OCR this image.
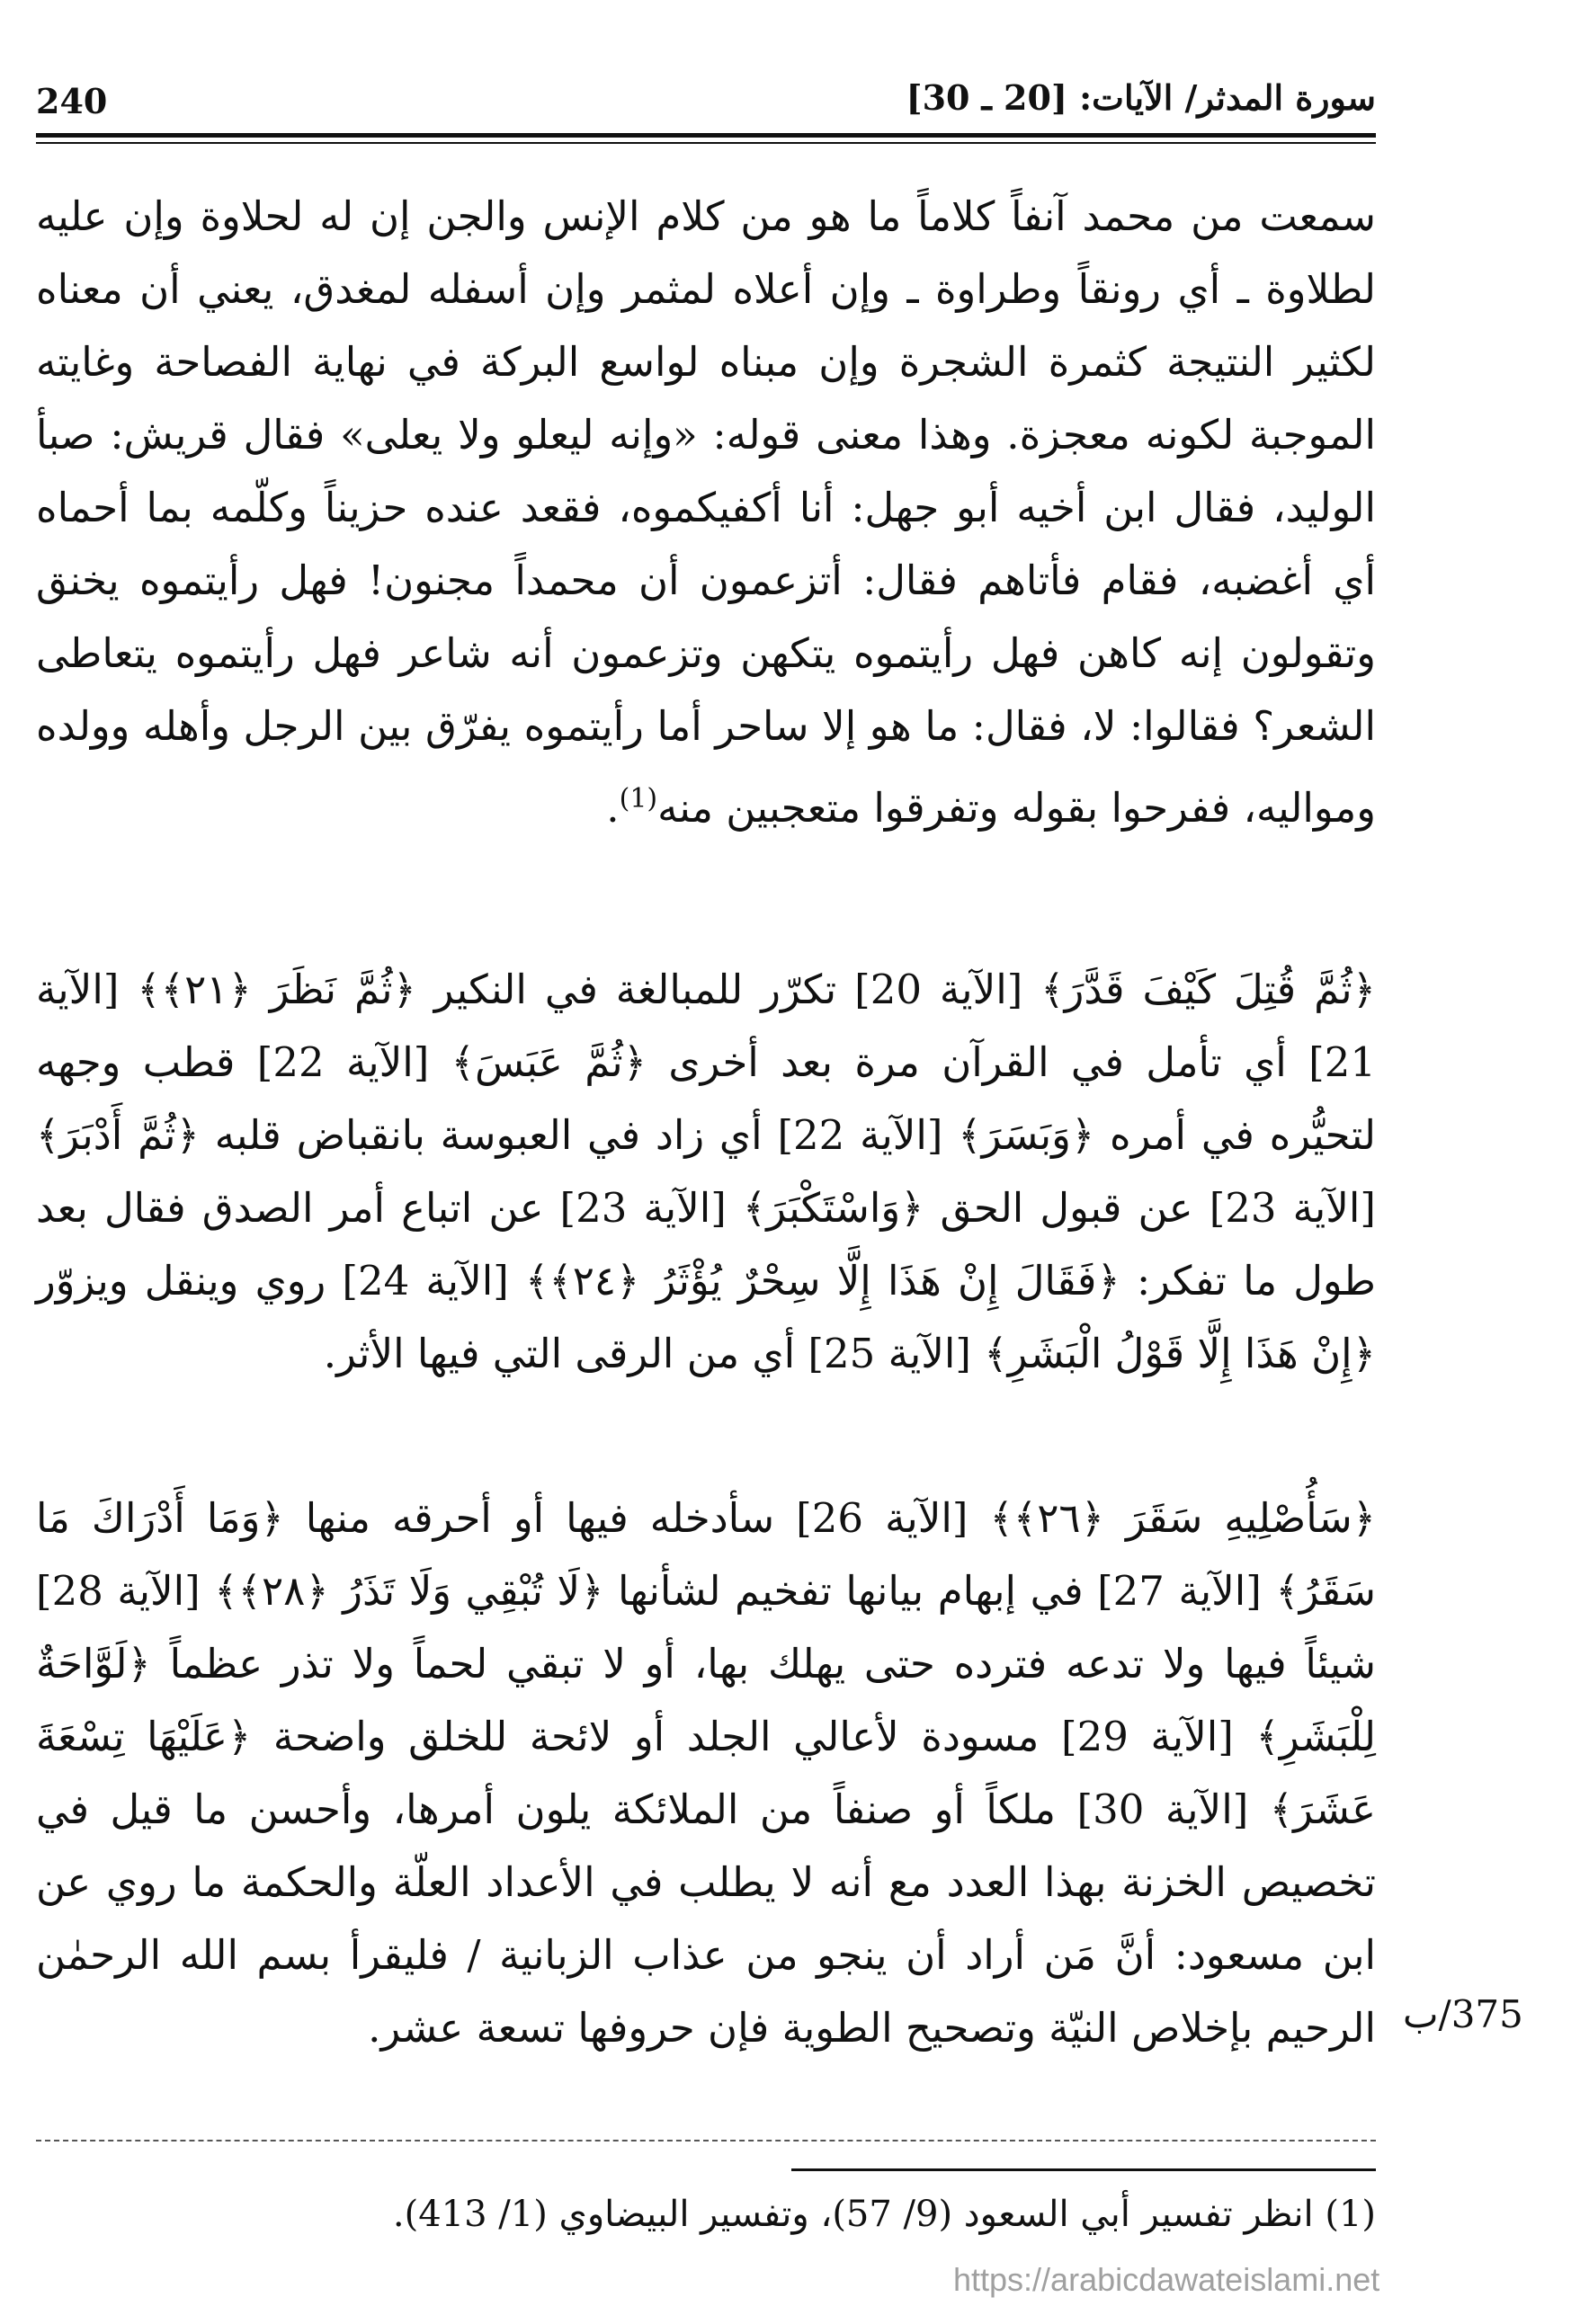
240	سورة المدثر/ الآيات: [20 ـ 30]

سمعت من محمد آنفاً كلاماً ما هو من كلام الإنس والجن إن له لحلاوة وإن عليه لطلاوة ـ أي رونقاً وطراوة ـ وإن أعلاه لمثمر وإن أسفله لمغدق، يعني أن معناه لكثير النتيجة كثمرة الشجرة وإن مبناه لواسع البركة في نهاية الفصاحة وغايته الموجبة لكونه معجزة. وهذا معنى قوله: «وإنه ليعلو ولا يعلى» فقال قريش: صبأ الوليد، فقال ابن أخيه أبو جهل: أنا أكفيكموه، فقعد عنده حزيناً وكلّمه بما أحماه أي أغضبه، فقام فأتاهم فقال: أتزعمون أن محمداً مجنون! فهل رأيتموه يخنق وتقولون إنه كاهن فهل رأيتموه يتكهن وتزعمون أنه شاعر فهل رأيتموه يتعاطى الشعر؟ فقالوا: لا، فقال: ما هو إلا ساحر أما رأيتموه يفرّق بين الرجل وأهله وولده ومواليه، ففرحوا بقوله وتفرقوا متعجبين منه$^{(1)}$.

﴿ثُمَّ قُتِلَ كَيْفَ قَدَّرَ﴾ [الآية 20] تكرّر للمبالغة في النكير ﴿ثُمَّ نَظَرَ ﴿٢١﴾﴾ [الآية 21] أي تأمل في القرآن مرة بعد أخرى ﴿ثُمَّ عَبَسَ﴾ [الآية 22] قطب وجهه لتحيُّره في أمره ﴿وَبَسَرَ﴾ [الآية 22] أي زاد في العبوسة بانقباض قلبه ﴿ثُمَّ أَدْبَرَ﴾ [الآية 23] عن قبول الحق ﴿وَاسْتَكْبَرَ﴾ [الآية 23] عن اتباع أمر الصدق فقال بعد طول ما تفكر: ﴿فَقَالَ إِنْ هَذَا إِلَّا سِحْرٌ يُؤْثَرُ ﴿٢٤﴾﴾ [الآية 24] روي وينقل ويزوّر ﴿إِنْ هَذَا إِلَّا قَوْلُ الْبَشَرِ﴾ [الآية 25] أي من الرقى التي فيها الأثر.

﴿سَأُصْلِيهِ سَقَرَ ﴿٢٦﴾﴾ [الآية 26] سأدخله فيها أو أحرقه منها ﴿وَمَا أَدْرَاكَ مَا سَقَرُ﴾ [الآية 27] في إبهام بيانها تفخيم لشأنها ﴿لَا تُبْقِي وَلَا تَذَرُ ﴿٢٨﴾﴾ [الآية 28] شيئاً فيها ولا تدعه فترده حتى يهلك بها، أو لا تبقي لحماً ولا تذر عظماً ﴿لَوَّاحَةٌ لِلْبَشَرِ﴾ [الآية 29] مسودة لأعالي الجلد أو لائحة للخلق واضحة ﴿عَلَيْهَا تِسْعَةَ عَشَرَ﴾ [الآية 30] ملكاً أو صنفاً من الملائكة يلون أمرها، وأحسن ما قيل في تخصيص الخزنة بهذا العدد مع أنه لا يطلب في الأعداد العلّة والحكمة ما روي عن ابن مسعود: أنَّ مَن أراد أن ينجو من عذاب الزبانية / فليقرأ بسم الله الرحمٰن الرحيم بإخلاص النيّة وتصحيح الطوية فإن حروفها تسعة عشر. 375/ب
(1) انظر تفسير أبي السعود (9/ 57)، وتفسير البيضاوي (1/ 413).
https://arabicdawateislami.net
